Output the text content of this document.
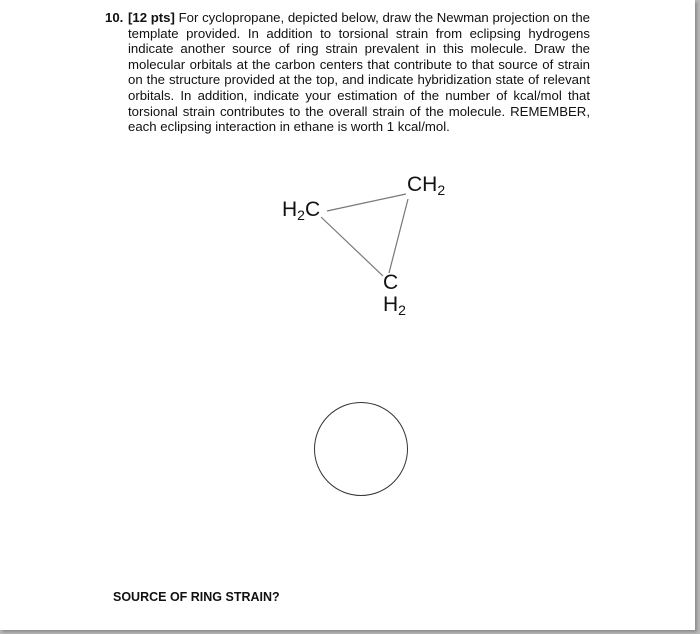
10. [12 pts] For cyclopropane, depicted below, draw the Newman projection on the template provided. In addition to torsional strain from eclipsing hydrogens indicate another source of ring strain prevalent in this molecule. Draw the molecular orbitals at the carbon centers that contribute to that source of strain on the structure provided at the top, and indicate hybridization state of relevant orbitals. In addition, indicate your estimation of the number of kcal/mol that torsional strain contributes to the overall strain of the molecule. REMEMBER, each eclipsing interaction in ethane is worth 1 kcal/mol.
$H_2C$
$CH_2$
C
$H_2$
SOURCE OF RING STRAIN?
